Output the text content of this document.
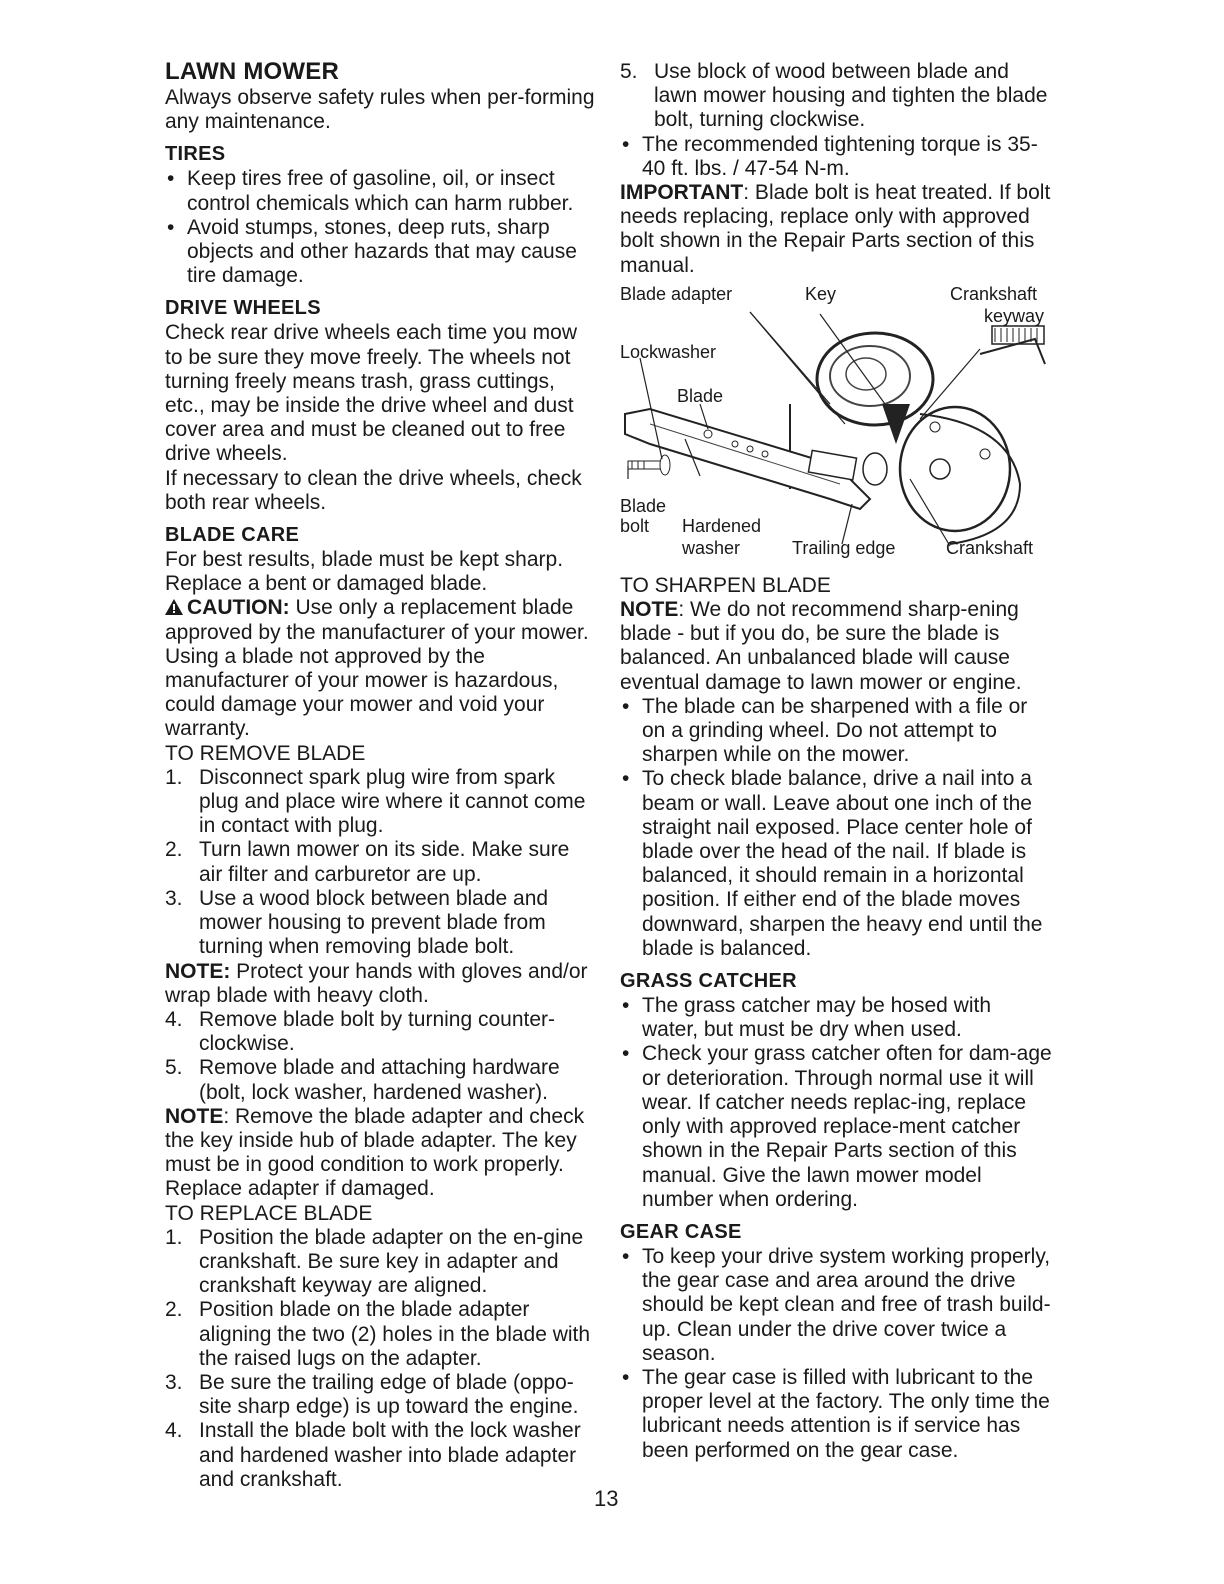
LAWN MOWER

Always observe safety rules when per-forming any maintenance.

TIRES

• Keep tires free of gasoline, oil, or insect control chemicals which can harm rubber.

• Avoid stumps, stones, deep ruts, sharp objects and other hazards that may cause tire damage.

DRIVE WHEELS

Check rear drive wheels each time you mow to be sure they move freely. The wheels not turning freely means trash, grass cuttings, etc., may be inside the drive wheel and dust cover area and must be cleaned out to free drive wheels.

If necessary to clean the drive wheels, check both rear wheels.

BLADE CARE

For best results, blade must be kept sharp. Replace a bent or damaged blade.

CAUTION: Use only a replacement blade approved by the manufacturer of your mower. Using a blade not approved by the manufacturer of your mower is hazardous, could damage your mower and void your warranty.

TO REMOVE BLADE

1. Disconnect spark plug wire from spark plug and place wire where it cannot come in contact with plug.

2. Turn lawn mower on its side. Make sure air filter and carburetor are up.

3. Use a wood block between blade and mower housing to prevent blade from turning when removing blade bolt.

NOTE: Protect your hands with gloves and/or wrap blade with heavy cloth.

4. Remove blade bolt by turning counter-clockwise.

5. Remove blade and attaching hardware (bolt, lock washer, hardened washer).

NOTE: Remove the blade adapter and check the key inside hub of blade adapter. The key must be in good condition to work properly. Replace adapter if damaged.

TO REPLACE BLADE

1. Position the blade adapter on the en-gine crankshaft. Be sure key in adapter and crankshaft keyway are aligned.

2. Position blade on the blade adapter aligning the two (2) holes in the blade with the raised lugs on the adapter.

3. Be sure the trailing edge of blade (oppo-site sharp edge) is up toward the engine.

4. Install the blade bolt with the lock washer and hardened washer into blade adapter and crankshaft.

5. Use block of wood between blade and lawn mower housing and tighten the blade bolt, turning clockwise.

• The recommended tightening torque is 35-40 ft. lbs. / 47-54 N-m.

IMPORTANT: Blade bolt is heat treated. If bolt needs replacing, replace only with approved bolt shown in the Repair Parts section of this manual.

Blade adapter	Key	Crankshaft
keyway
Lockwasher
Blade
Blade
bolt Hardened
washer	Trailing edge	Crankshaft

TO SHARPEN BLADE

NOTE: We do not recommend sharp-ening blade - but if you do, be sure the blade is balanced. An unbalanced blade will cause eventual damage to lawn mower or engine.

• The blade can be sharpened with a file or on a grinding wheel. Do not attempt to sharpen while on the mower.

• To check blade balance, drive a nail into a beam or wall. Leave about one inch of the straight nail exposed. Place center hole of blade over the head of the nail. If blade is balanced, it should remain in a horizontal position. If either end of the blade moves downward, sharpen the heavy end until the blade is balanced.

GRASS CATCHER

• The grass catcher may be hosed with water, but must be dry when used.

• Check your grass catcher often for dam-age or deterioration. Through normal use it will wear. If catcher needs replac-ing, replace only with approved replace-ment catcher shown in the Repair Parts section of this manual. Give the lawn mower model number when ordering.

GEAR CASE

• To keep your drive system working properly, the gear case and area around the drive should be kept clean and free of trash build-up. Clean under the drive cover twice a season.

• The gear case is filled with lubricant to the proper level at the factory. The only time the lubricant needs attention is if service has been performed on the gear case.

13
